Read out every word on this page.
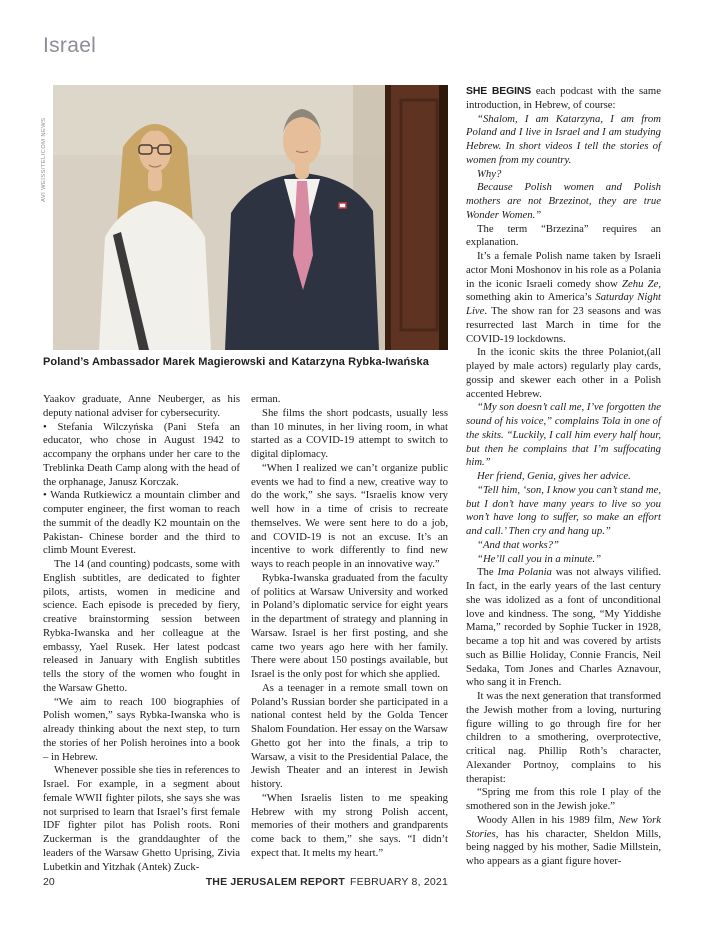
Israel
AVI WEISS/TELICOM NEWS
Poland’s Ambassador Marek Magierowski and Katarzyna Rybka-Iwańska

Yaakov graduate, Anne Neuberger, as his deputy national adviser for cybersecurity.

• Stefania Wilczyńska (Pani Stefa an educator, who chose in August 1942 to accompany the orphans under her care to the Treblinka Death Camp along with the head of the orphanage, Janusz Korczak.

• Wanda Rutkiewicz a mountain climber and computer engineer, the first woman to reach the summit of the deadly K2 mountain on the Pakistan- Chinese border and the third to climb Mount Everest.

The 14 (and counting) podcasts, some with English subtitles, are dedicated to fighter pilots, artists, women in medicine and science. Each episode is preceded by fiery, creative brainstorming session between Rybka-Iwanska and her colleague at the embassy, Yael Rusek. Her latest podcast released in January with English subtitles tells the story of the women who fought in the Warsaw Ghetto.

“We aim to reach 100 biographies of Polish women,” says Rybka-Iwanska who is already thinking about the next step, to turn the stories of her Polish heroines into a book – in Hebrew.

Whenever possible she ties in references to Israel. For example, in a segment about female WWII fighter pilots, she says she was not surprised to learn that Israel’s first female IDF fighter pilot has Polish roots. Roni Zuckerman is the granddaughter of the leaders of the Warsaw Ghetto Uprising, Zivia Lubetkin and Yitzhak (Antek) Zuck-

erman.

She films the short podcasts, usually less than 10 minutes, in her living room, in what started as a COVID-19 attempt to switch to digital diplomacy.

“When I realized we can’t organize public events we had to find a new, creative way to do the work,” she says. “Israelis know very well how in a time of crisis to recreate themselves. We were sent here to do a job, and COVID-19 is not an excuse. It’s an incentive to work differently to find new ways to reach people in an innovative way.”

Rybka-Iwanska graduated from the faculty of politics at Warsaw University and worked in Poland’s diplomatic service for eight years in the department of strategy and planning in Warsaw. Israel is her first posting, and she came two years ago here with her family. There were about 150 postings available, but Israel is the only post for which she applied.

As a teenager in a remote small town on Poland’s Russian border she participated in a national contest held by the Golda Tencer Shalom Foundation. Her essay on the Warsaw Ghetto got her into the finals, a trip to Warsaw, a visit to the Presidential Palace, the Jewish Theater and an interest in Jewish history.

“When Israelis listen to me speaking Hebrew with my strong Polish accent, memories of their mothers and grandparents come back to them,” she says. “I didn’t expect that. It melts my heart.”

SHE BEGINS each podcast with the same introduction, in Hebrew, of course:

“Shalom, I am Katarzyna, I am from Poland and I live in Israel and I am studying Hebrew. In short videos I tell the stories of women from my country.

Why?

Because Polish women and Polish mothers are not Brzezinot, they are true Wonder Women.”

The term “Brzezina” requires an explanation.

It’s a female Polish name taken by Israeli actor Moni Moshonov in his role as a Polania in the iconic Israeli comedy show Zehu Ze, something akin to America’s Saturday Night Live. The show ran for 23 seasons and was resurrected last March in time for the COVID-19 lockdowns.

In the iconic skits the three Polaniot,(all played by male actors) regularly play cards, gossip and skewer each other in a Polish accented Hebrew.

“My son doesn’t call me, I’ve forgotten the sound of his voice,” complains Tola in one of the skits. “Luckily, I call him every half hour, but then he complains that I’m suffocating him.”

Her friend, Genia, gives her advice.

“Tell him, ‘son, I know you can’t stand me, but I don’t have many years to live so you won’t have long to suffer, so make an effort and call.’ Then cry and hang up.”

“And that works?”

“He’ll call you in a minute.”

The Ima Polania was not always vilified. In fact, in the early years of the last century she was idolized as a font of unconditional love and kindness. The song, “My Yiddishe Mama,” recorded by Sophie Tucker in 1928, became a top hit and was covered by artists such as Billie Holiday, Connie Francis, Neil Sedaka, Tom Jones and Charles Aznavour, who sang it in French.

It was the next generation that transformed the Jewish mother from a loving, nurturing figure willing to go through fire for her children to a smothering, overprotective, critical nag. Phillip Roth’s character, Alexander Portnoy, complains to his therapist:

“Spring me from this role I play of the smothered son in the Jewish joke.”

Woody Allen in his 1989 film, New York Stories, has his character, Sheldon Mills, being nagged by his mother, Sadie Millstein, who appears as a giant figure hover-

20	THE JERUSALEM REPORT FEBRUARY 8, 2021
